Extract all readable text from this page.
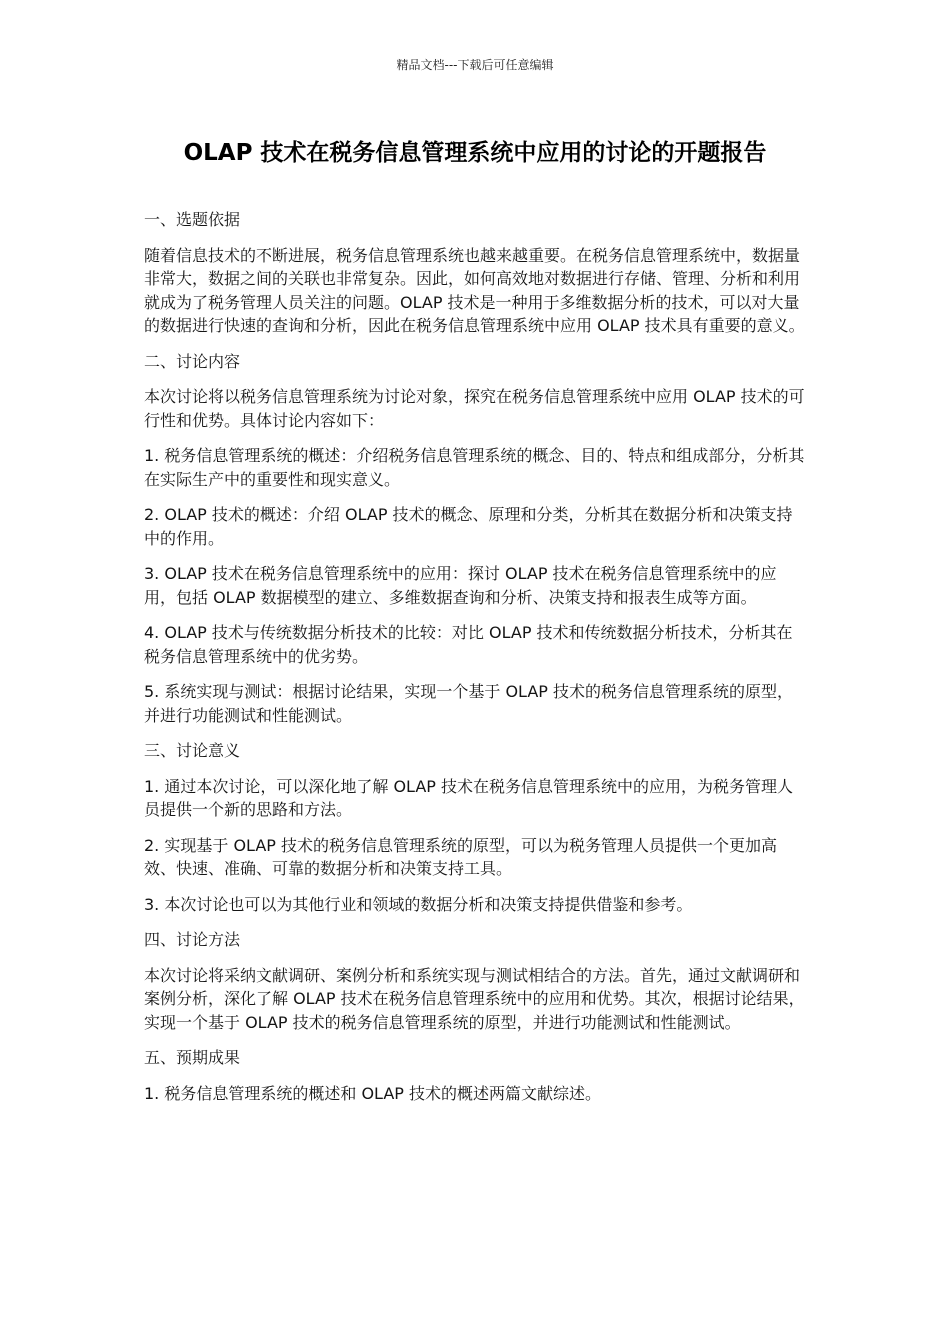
精品文档---下载后可任意编辑
OLAP 技术在税务信息管理系统中应用的讨论的开题报告

一、选题依据

随着信息技术的不断进展，税务信息管理系统也越来越重要。在税务信息管理系统中，数据量非常大，数据之间的关联也非常复杂。因此，如何高效地对数据进行存储、管理、分析和利用就成为了税务管理人员关注的问题。OLAP 技术是一种用于多维数据分析的技术，可以对大量的数据进行快速的查询和分析，因此在税务信息管理系统中应用 OLAP 技术具有重要的意义。

二、讨论内容

本次讨论将以税务信息管理系统为讨论对象，探究在税务信息管理系统中应用 OLAP 技术的可行性和优势。具体讨论内容如下：

1. 税务信息管理系统的概述：介绍税务信息管理系统的概念、目的、特点和组成部分，分析其在实际生产中的重要性和现实意义。

2. OLAP 技术的概述：介绍 OLAP 技术的概念、原理和分类，分析其在数据分析和决策支持中的作用。

3. OLAP 技术在税务信息管理系统中的应用：探讨 OLAP 技术在税务信息管理系统中的应用，包括 OLAP 数据模型的建立、多维数据查询和分析、决策支持和报表生成等方面。

4. OLAP 技术与传统数据分析技术的比较：对比 OLAP 技术和传统数据分析技术，分析其在税务信息管理系统中的优劣势。

5. 系统实现与测试：根据讨论结果，实现一个基于 OLAP 技术的税务信息管理系统的原型，并进行功能测试和性能测试。

三、讨论意义

1. 通过本次讨论，可以深化地了解 OLAP 技术在税务信息管理系统中的应用，为税务管理人员提供一个新的思路和方法。

2. 实现基于 OLAP 技术的税务信息管理系统的原型，可以为税务管理人员提供一个更加高效、快速、准确、可靠的数据分析和决策支持工具。

3. 本次讨论也可以为其他行业和领域的数据分析和决策支持提供借鉴和参考。

四、讨论方法

本次讨论将采纳文献调研、案例分析和系统实现与测试相结合的方法。首先，通过文献调研和案例分析，深化了解 OLAP 技术在税务信息管理系统中的应用和优势。其次，根据讨论结果，实现一个基于 OLAP 技术的税务信息管理系统的原型，并进行功能测试和性能测试。

五、预期成果

1. 税务信息管理系统的概述和 OLAP 技术的概述两篇文献综述。
